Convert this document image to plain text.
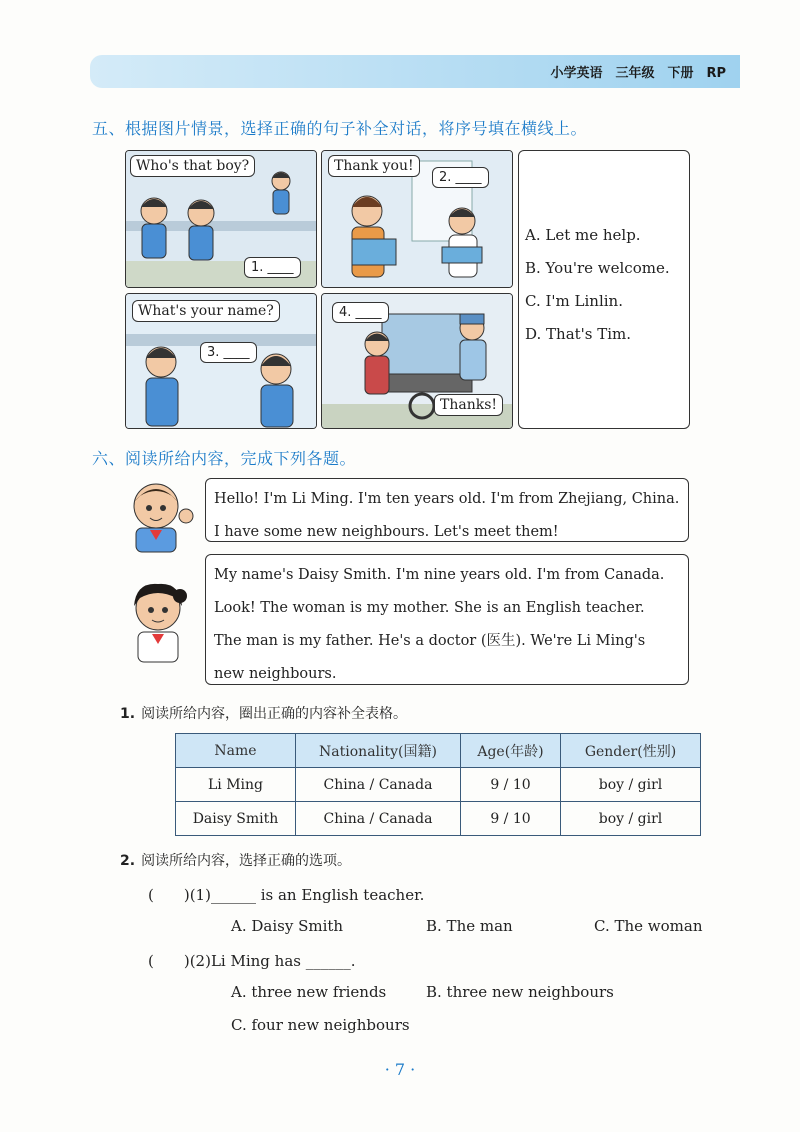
小学英语　三年级　下册　RP
五、根据图片情景，选择正确的句子补全对话，将序号填在横线上。
Who's that boy?
1. ____
Thank you!
2. ____
What's your name?
3. ____
4. ____
Thanks!
A. Let me help.
B. You're welcome.
C. I'm Linlin.
D. That's Tim.
六、阅读所给内容，完成下列各题。
Hello! I'm Li Ming. I'm ten years old. I'm from Zhejiang, China.
I have some new neighbours. Let's meet them!
My name's Daisy Smith. I'm nine years old. I'm from Canada.
Look! The woman is my mother. She is an English teacher.
The man is my father. He's a doctor (医生). We're Li Ming's
new neighbours.
1. 阅读所给内容，圈出正确的内容补全表格。
Name	Nationality(国籍)	Age(年龄)	Gender(性别)
Li Ming	China / Canada	9 / 10	boy / girl
Daisy Smith	China / Canada	9 / 10	boy / girl
2. 阅读所给内容，选择正确的选项。
(　　)(1)______ is an English teacher.
A. Daisy Smith	B. The man	C. The woman
(　　)(2)Li Ming has ______.
A. three new friends	B. three new neighbours
C. four new neighbours
· 7 ·
